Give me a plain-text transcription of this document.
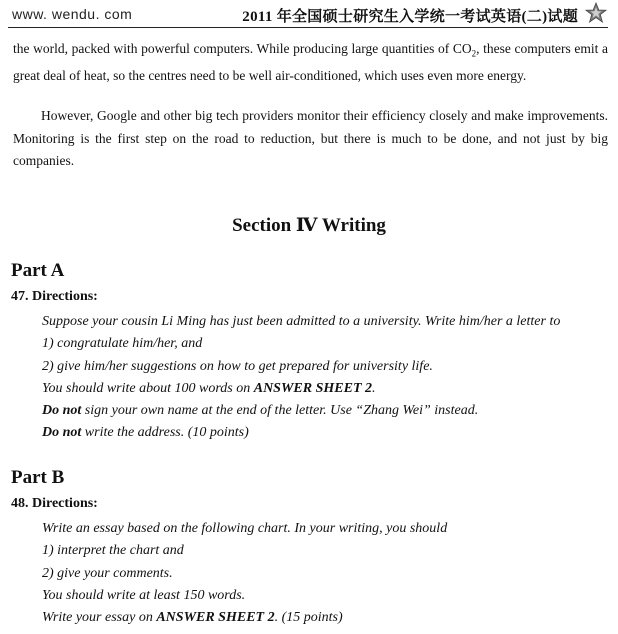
www. wendu. com	2011 年全国硕士研究生入学统一考试英语(二)试题
the world, packed with powerful computers. While producing large quantities of $CO_2$, these computers emit a great deal of heat, so the centres need to be well air-conditioned, which uses even more energy.
However, Google and other big tech providers monitor their efficiency closely and make improvements. Monitoring is the first step on the road to reduction, but there is much to be done, and not just by big companies.
Section Ⅳ Writing
Part A
47. Directions:
Suppose your cousin Li Ming has just been admitted to a university. Write him/her a letter to
1) congratulate him/her, and
2) give him/her suggestions on how to get prepared for university life.
You should write about 100 words on ANSWER SHEET 2.
Do not sign your own name at the end of the letter. Use “Zhang Wei” instead.
Do not write the address. (10 points)
Part B
48. Directions:
Write an essay based on the following chart. In your writing, you should
1) interpret the chart and
2) give your comments.
You should write at least 150 words.
Write your essay on ANSWER SHEET 2. (15 points)
